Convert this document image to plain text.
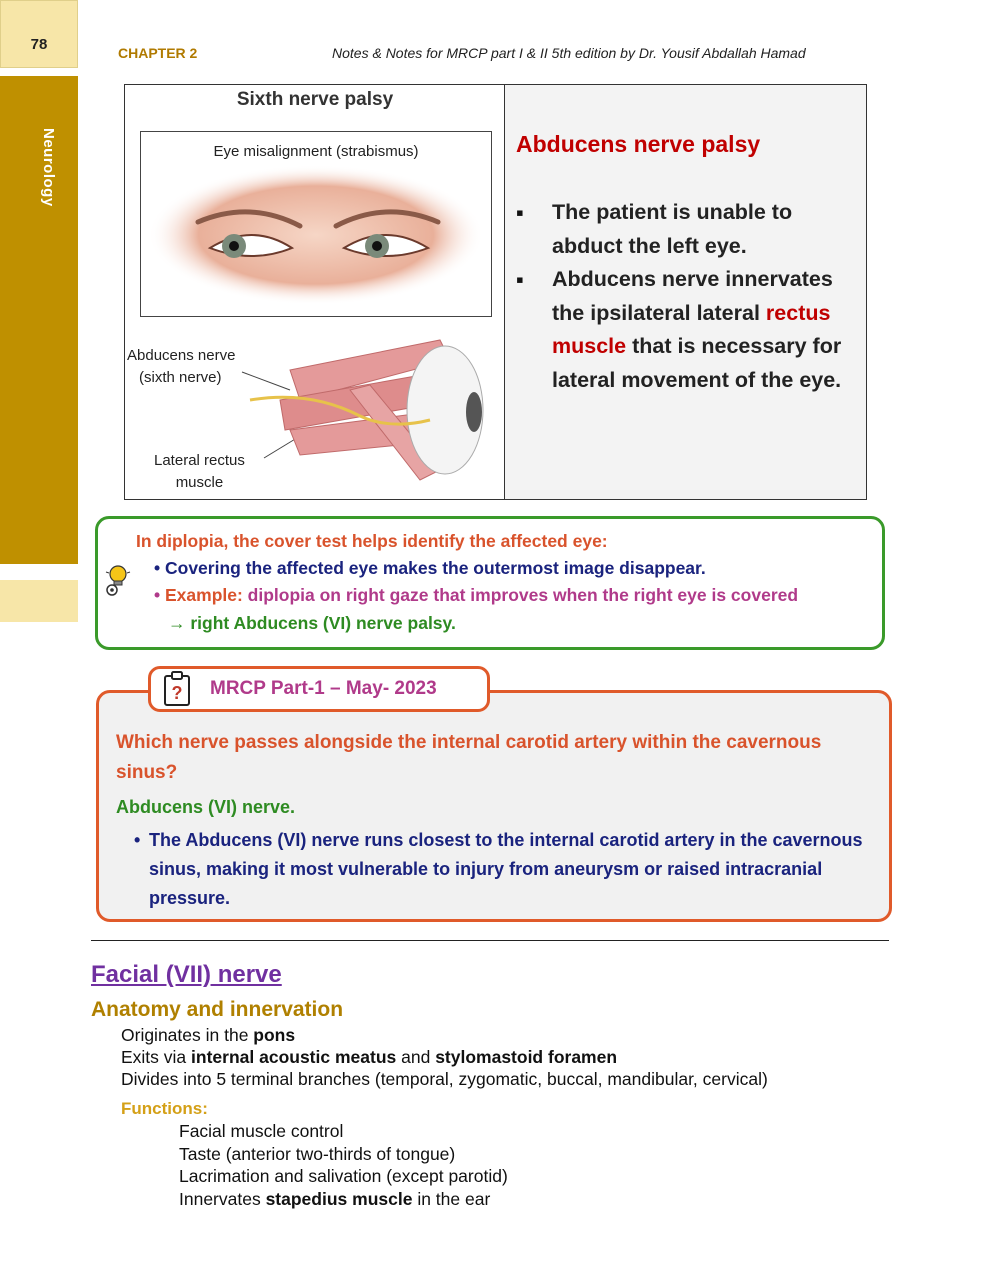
78
Neurology
CHAPTER 2	Notes & Notes for MRCP part I & II 5th edition by Dr. Yousif Abdallah Hamad
Sixth nerve palsy
Eye misalignment (strabismus)
Abducens nerve
(sixth nerve)
Lateral rectus
muscle
Abducens nerve palsy
▪ The patient is unable to abduct the left eye.
▪ Abducens nerve innervates the ipsilateral lateral rectus muscle that is necessary for lateral movement of the eye.
In diplopia, the cover test helps identify the affected eye:
• Covering the affected eye makes the outermost image disappear.
• Example: diplopia on right gaze that improves when the right eye is covered
→ right Abducens (VI) nerve palsy.
? MRCP Part-1 – May- 2023
Which nerve passes alongside the internal carotid artery within the cavernous sinus?
Abducens (VI) nerve.
• The Abducens (VI) nerve runs closest to the internal carotid artery in the cavernous sinus, making it most vulnerable to injury from aneurysm or raised intracranial pressure.
Facial (VII) nerve
Anatomy and innervation
Originates in the pons
Exits via internal acoustic meatus and stylomastoid foramen
Divides into 5 terminal branches (temporal, zygomatic, buccal, mandibular, cervical)
Functions:
Facial muscle control
Taste (anterior two-thirds of tongue)
Lacrimation and salivation (except parotid)
Innervates stapedius muscle in the ear
